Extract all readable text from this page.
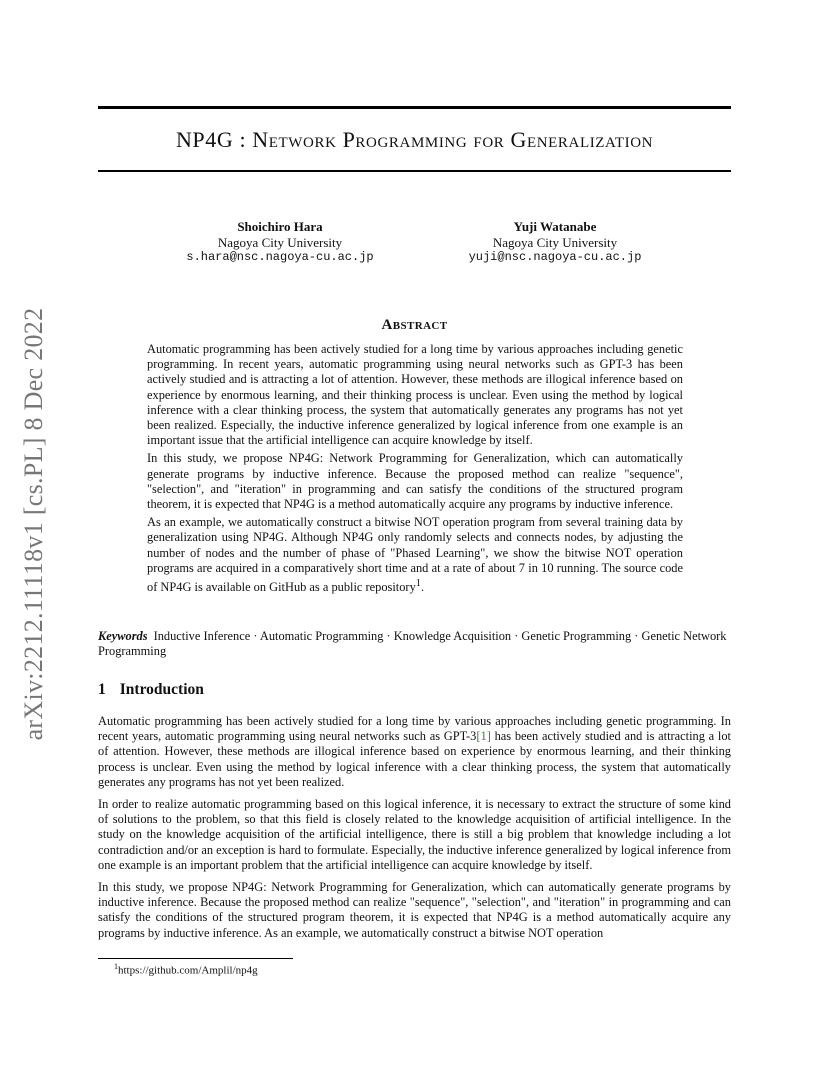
arXiv:2212.11118v1 [cs.PL] 8 Dec 2022
NP4G : Network Programming for Generalization
Shoichiro Hara
Nagoya City University
s.hara@nsc.nagoya-cu.ac.jp
Yuji Watanabe
Nagoya City University
yuji@nsc.nagoya-cu.ac.jp
Abstract

Automatic programming has been actively studied for a long time by various approaches including genetic programming. In recent years, automatic programming using neural networks such as GPT-3 has been actively studied and is attracting a lot of attention. However, these methods are illogical inference based on experience by enormous learning, and their thinking process is unclear. Even using the method by logical inference with a clear thinking process, the system that automatically generates any programs has not yet been realized. Especially, the inductive inference generalized by logical inference from one example is an important issue that the artificial intelligence can acquire knowledge by itself.

In this study, we propose NP4G: Network Programming for Generalization, which can automatically generate programs by inductive inference. Because the proposed method can realize "sequence", "selection", and "iteration" in programming and can satisfy the conditions of the structured program theorem, it is expected that NP4G is a method automatically acquire any programs by inductive inference.

As an example, we automatically construct a bitwise NOT operation program from several training data by generalization using NP4G. Although NP4G only randomly selects and connects nodes, by adjusting the number of nodes and the number of phase of "Phased Learning", we show the bitwise NOT operation programs are acquired in a comparatively short time and at a rate of about 7 in 10 running. The source code of NP4G is available on GitHub as a public repository$^1$.

Keywords Inductive Inference · Automatic Programming · Knowledge Acquisition · Genetic Programming · Genetic Network Programming
1 Introduction

Automatic programming has been actively studied for a long time by various approaches including genetic programming. In recent years, automatic programming using neural networks such as GPT-3[1] has been actively studied and is attracting a lot of attention. However, these methods are illogical inference based on experience by enormous learning, and their thinking process is unclear. Even using the method by logical inference with a clear thinking process, the system that automatically generates any programs has not yet been realized.

In order to realize automatic programming based on this logical inference, it is necessary to extract the structure of some kind of solutions to the problem, so that this field is closely related to the knowledge acquisition of artificial intelligence. In the study on the knowledge acquisition of the artificial intelligence, there is still a big problem that knowledge including a lot contradiction and/or an exception is hard to formulate. Especially, the inductive inference generalized by logical inference from one example is an important problem that the artificial intelligence can acquire knowledge by itself.

In this study, we propose NP4G: Network Programming for Generalization, which can automatically generate programs by inductive inference. Because the proposed method can realize "sequence", "selection", and "iteration" in programming and can satisfy the conditions of the structured program theorem, it is expected that NP4G is a method automatically acquire any programs by inductive inference. As an example, we automatically construct a bitwise NOT operation

$^1$https://github.com/Amplil/np4g
